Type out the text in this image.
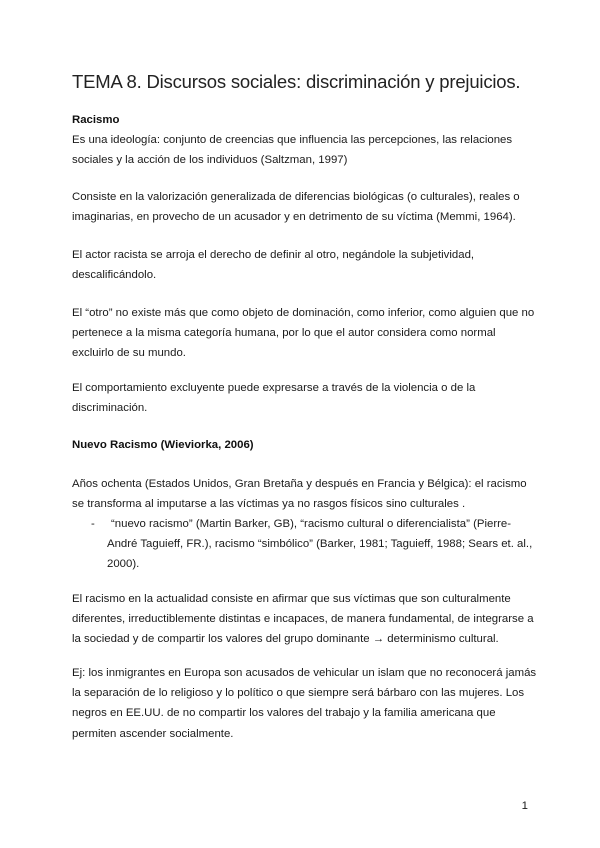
TEMA 8. Discursos sociales: discriminación y prejuicios.
Racismo

Es una ideología: conjunto de creencias que influencia las percepciones, las relaciones sociales y la acción de los individuos (Saltzman, 1997)

Consiste en la valorización generalizada de diferencias biológicas (o culturales), reales o imaginarias, en provecho de un acusador y en detrimento de su víctima (Memmi, 1964).

El actor racista se arroja el derecho de definir al otro, negándole la subjetividad, descalificándolo.

El “otro” no existe más que como objeto de dominación, como inferior, como alguien que no pertenece a la misma categoría humana, por lo que el autor considera como normal excluirlo de su mundo.

El comportamiento excluyente puede expresarse a través de la violencia o de la discriminación.

Nuevo Racismo (Wieviorka, 2006)

Años ochenta (Estados Unidos, Gran Bretaña y después en Francia y Bélgica): el racismo se transforma al imputarse a las víctimas ya no rasgos físicos sino culturales .

-	“nuevo racismo” (Martin Barker, GB), “racismo cultural o diferencialista” (Pierre-André Taguieff, FR.), racismo “simbólico” (Barker, 1981; Taguieff, 1988; Sears et. al., 2000).

El racismo en la actualidad consiste en afirmar que sus víctimas que son culturalmente diferentes, irreductiblemente distintas e incapaces, de manera fundamental, de integrarse a la sociedad y de compartir los valores del grupo dominante → determinismo cultural.

Ej: los inmigrantes en Europa son acusados de vehicular un islam que no reconocerá jamás la separación de lo religioso y lo político o que siempre será bárbaro con las mujeres. Los negros en EE.UU. de no compartir los valores del trabajo y la familia americana que permiten ascender socialmente.

1
